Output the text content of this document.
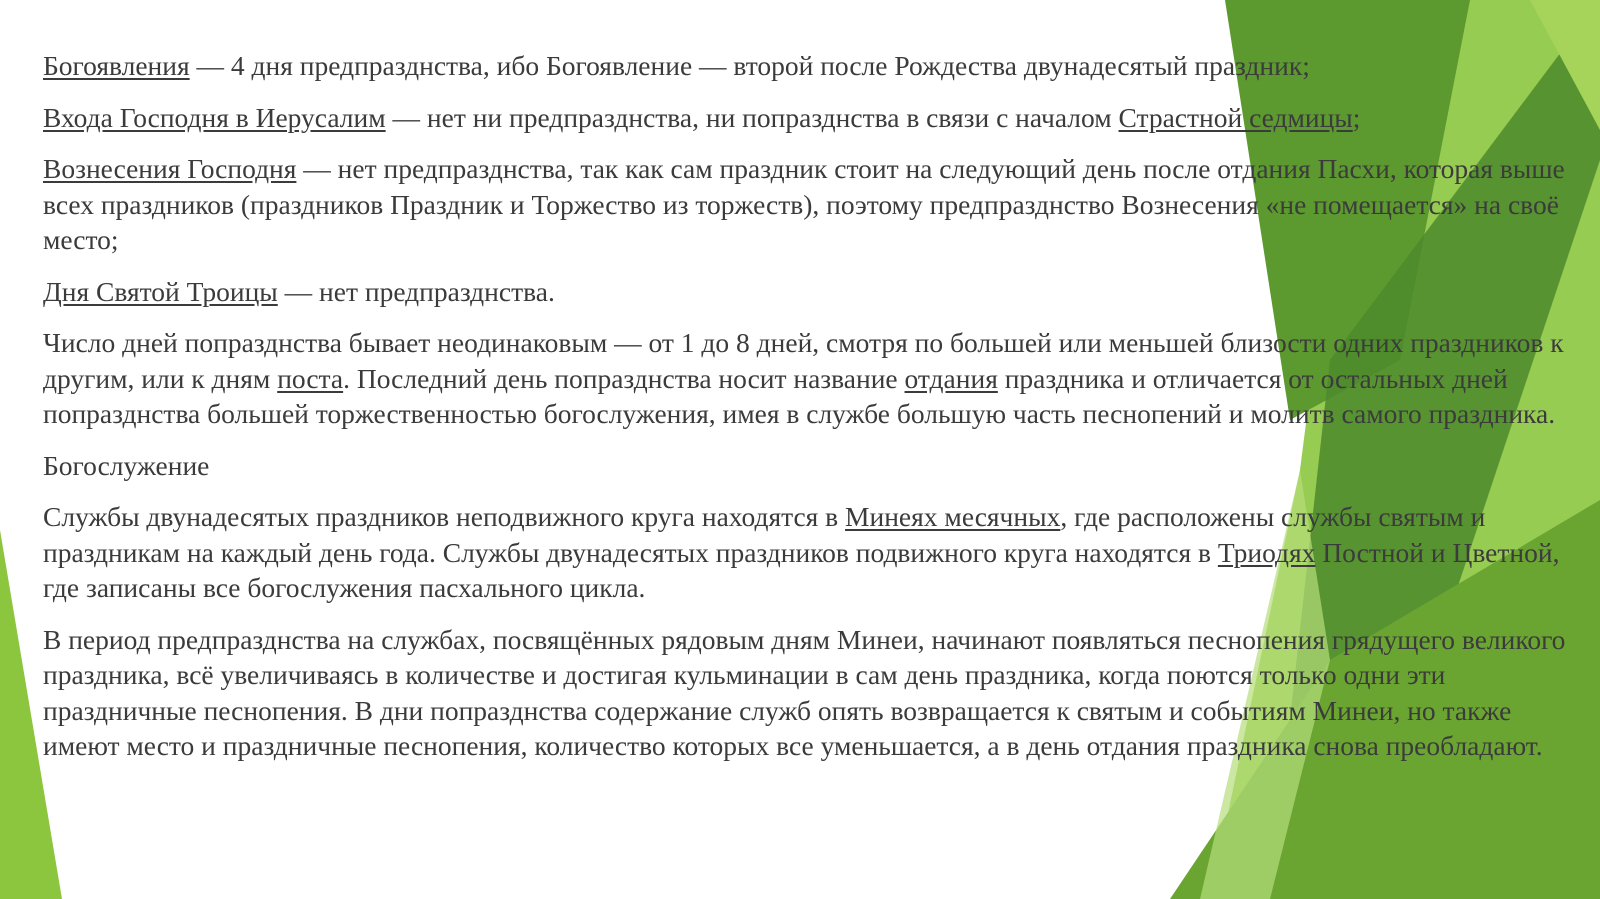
Богоявления — 4 дня предпразднства, ибо Богоявление — второй после Рождества двунадесятый праздник;

Входа Господня в Иерусалим — нет ни предпразднства, ни попразднства в связи с началом Страстной седмицы;

Вознесения Господня — нет предпразднства, так как сам праздник стоит на следующий день после отдания Пасхи, которая выше всех праздников (праздников Праздник и Торжество из торжеств), поэтому предпразднство Вознесения «не помещается» на своё место;

Дня Святой Троицы — нет предпразднства.

Число дней попразднства бывает неодинаковым — от 1 до 8 дней, смотря по большей или меньшей близости одних праздников к другим, или к дням поста. Последний день попразднства носит название отдания праздника и отличается от остальных дней попразднства большей торжественностью богослужения, имея в службе большую часть песнопений и молитв самого праздника.

Богослужение

Службы двунадесятых праздников неподвижного круга находятся в Минеях месячных, где расположены службы святым и праздникам на каждый день года. Службы двунадесятых праздников подвижного круга находятся в Триодях Постной и Цветной, где записаны все богослужения пасхального цикла.

В период предпразднства на службах, посвящённых рядовым дням Минеи, начинают появляться песнопения грядущего великого праздника, всё увеличиваясь в количестве и достигая кульминации в сам день праздника, когда поются только одни эти праздничные песнопения. В дни попразднства содержание служб опять возвращается к святым и событиям Минеи, но также имеют место и праздничные песнопения, количество которых все уменьшается, а в день отдания праздника снова преобладают.
